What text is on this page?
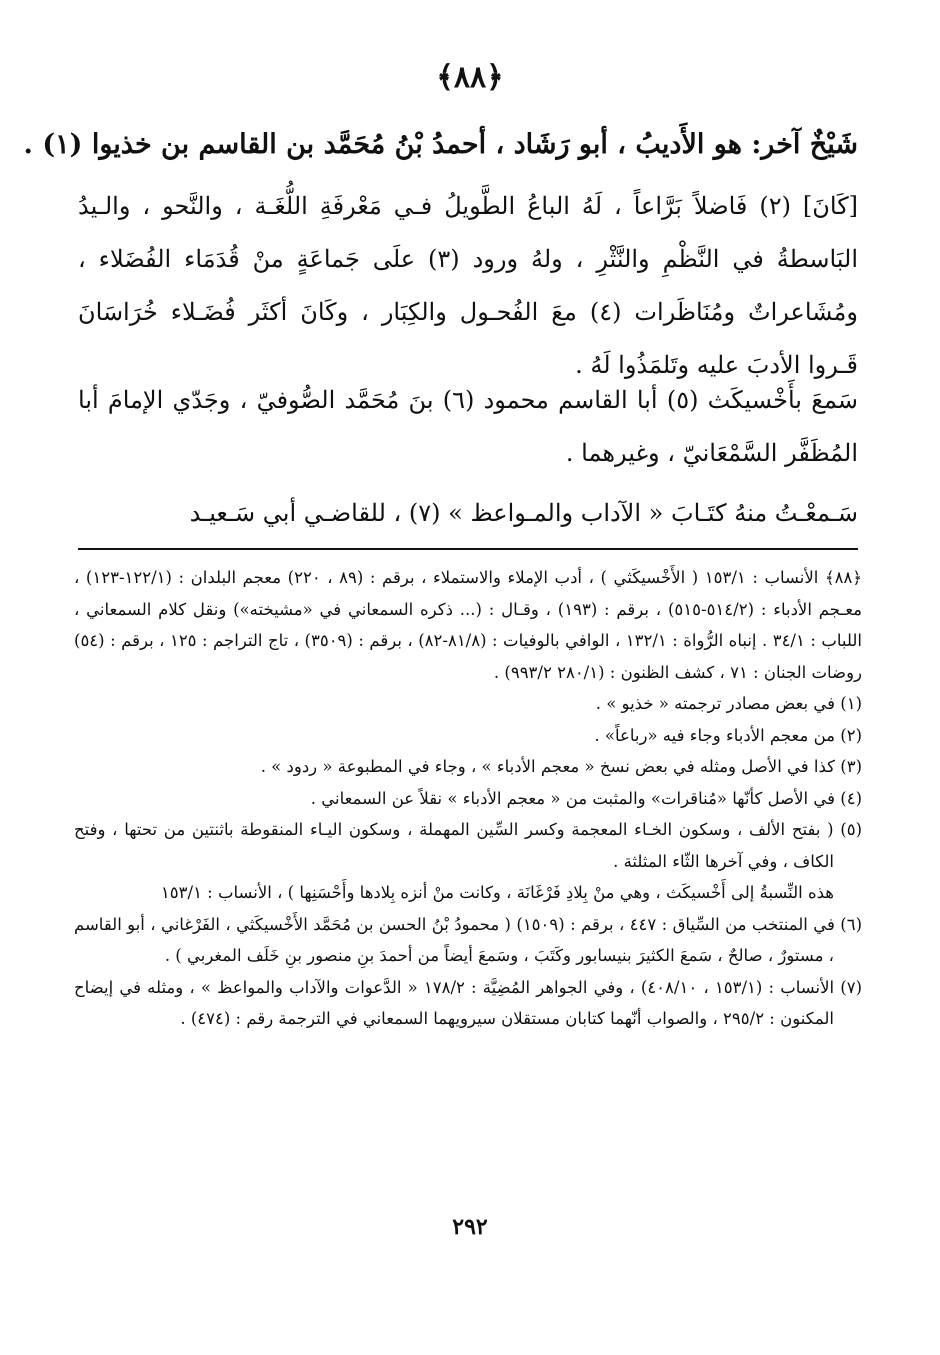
﴿٨٨﴾
شَيْخٌ آخر: هو الأَديبُ ، أبو رَشَاد ، أحمدُ بْنُ مُحَمَّد بن القاسم بن خذيوا (١) .

[كَانَ] (٢) فَاضلاً بَرَّاعاً ، لَهُ الباعُ الطَّويلُ فـي مَعْرفَةِ اللُّغَـة ، والنَّحو ، والـيدُ البَاسطةُ في النَّظْمِ والنَّثْرِ ، ولهُ ورود (٣) علَى جَماعَةٍ منْ قُدَمَاء الفُضَلاء ، ومُشَاعراتٌ ومُنَاظَرات (٤) معَ الفُحـول والكِبَار ، وكَانَ أكثَر فُضَـلاء خُرَاسَانَ قَـروا الأدبَ عليه وتَلمَذُوا لَهُ .

سَمعَ بأَخْسيكَث (٥) أبا القاسم محمود (٦) بنَ مُحَمَّد الصُّوفيّ ، وجَدّي الإمامَ أبا المُظَفَّر السَّمْعَانيّ ، وغيرهما .

سَـمعْـتُ منهُ كتَـابَ « الآداب والمـواعظ » (٧) ، للقاضـي أبي سَـعيـد

﴿٨٨﴾ الأنساب : ١٥٣/١ ( الأَخْسيكَثي ) ، أدب الإملاء والاستملاء ، برقم : (٨٩ ، ٢٢٠) معجم البلدان : (١٢٢/١-١٢٣) ، معـجم الأدباء : (٥١٤/٢-٥١٥) ، برقم : (١٩٣) ، وقـال : (... ذكره السمعاني في «مشيخته») ونقل كلام السمعاني ، اللباب : ٣٤/١ . إنباه الرُّواة : ١٣٢/١ ، الوافي بالوفيات : (٨١/٨-٨٢) ، برقم : (٣٥٠٩) ، تاج التراجم : ١٢٥ ، برقم : (٥٤) روضات الجنان : ٧١ ، كشف الظنون : (٢٨٠/١ ٩٩٣/٢) .

(١) في بعض مصادر ترجمته « خذيو » .

(٢) من معجم الأدباء وجاء فيه «رباعاً» .

(٣) كذا في الأصل ومثله في بعض نسخ « معجم الأدباء » ، وجاء في المطبوعة « ردود » .

(٤) في الأصل كأنّها «مُناقرات» والمثبت من « معجم الأدباء » نقلاً عن السمعاني .

(٥) ( بفتح الألف ، وسكون الخـاء المعجمة وكسر السِّين المهملة ، وسكون اليـاء المنقوطة باثنتين من تحتها ، وفتح الكاف ، وفي آخرها الثّاء المثلثة .

هذه النِّسبةُ إلى أَخْسيكَث ، وهي منْ بِلادِ فَرْغَانَة ، وكانت منْ أنزه بِلادها وأَحْسَنِها ) ، الأنساب : ١٥٣/١

(٦) في المنتخب من السِّياق : ٤٤٧ ، برقم : (١٥٠٩) ( محمودُ بْنُ الحسن بن مُحَمَّد الأَخْسيكَثي ، الفَرْغاني ، أبو القاسم ، مستورٌ ، صالحٌ ، سَمعَ الكثيرَ بنيسابور وكَتَبَ ، وسَمعَ أيضاً من أحمدَ بنِ منصور بنِ خَلَف المغربي ) .

(٧) الأنساب : (١٥٣/١ ، ٤٠٨/١٠) ، وفي الجواهر المُضِيَّة : ١٧٨/٢ « الدَّعوات والآداب والمواعظ » ، ومثله في إيضاح المكنون : ٢٩٥/٢ ، والصواب أنّهما كتابان مستقلان سيرويهما السمعاني في الترجمة رقم : (٤٧٤) .

٢٩٢
